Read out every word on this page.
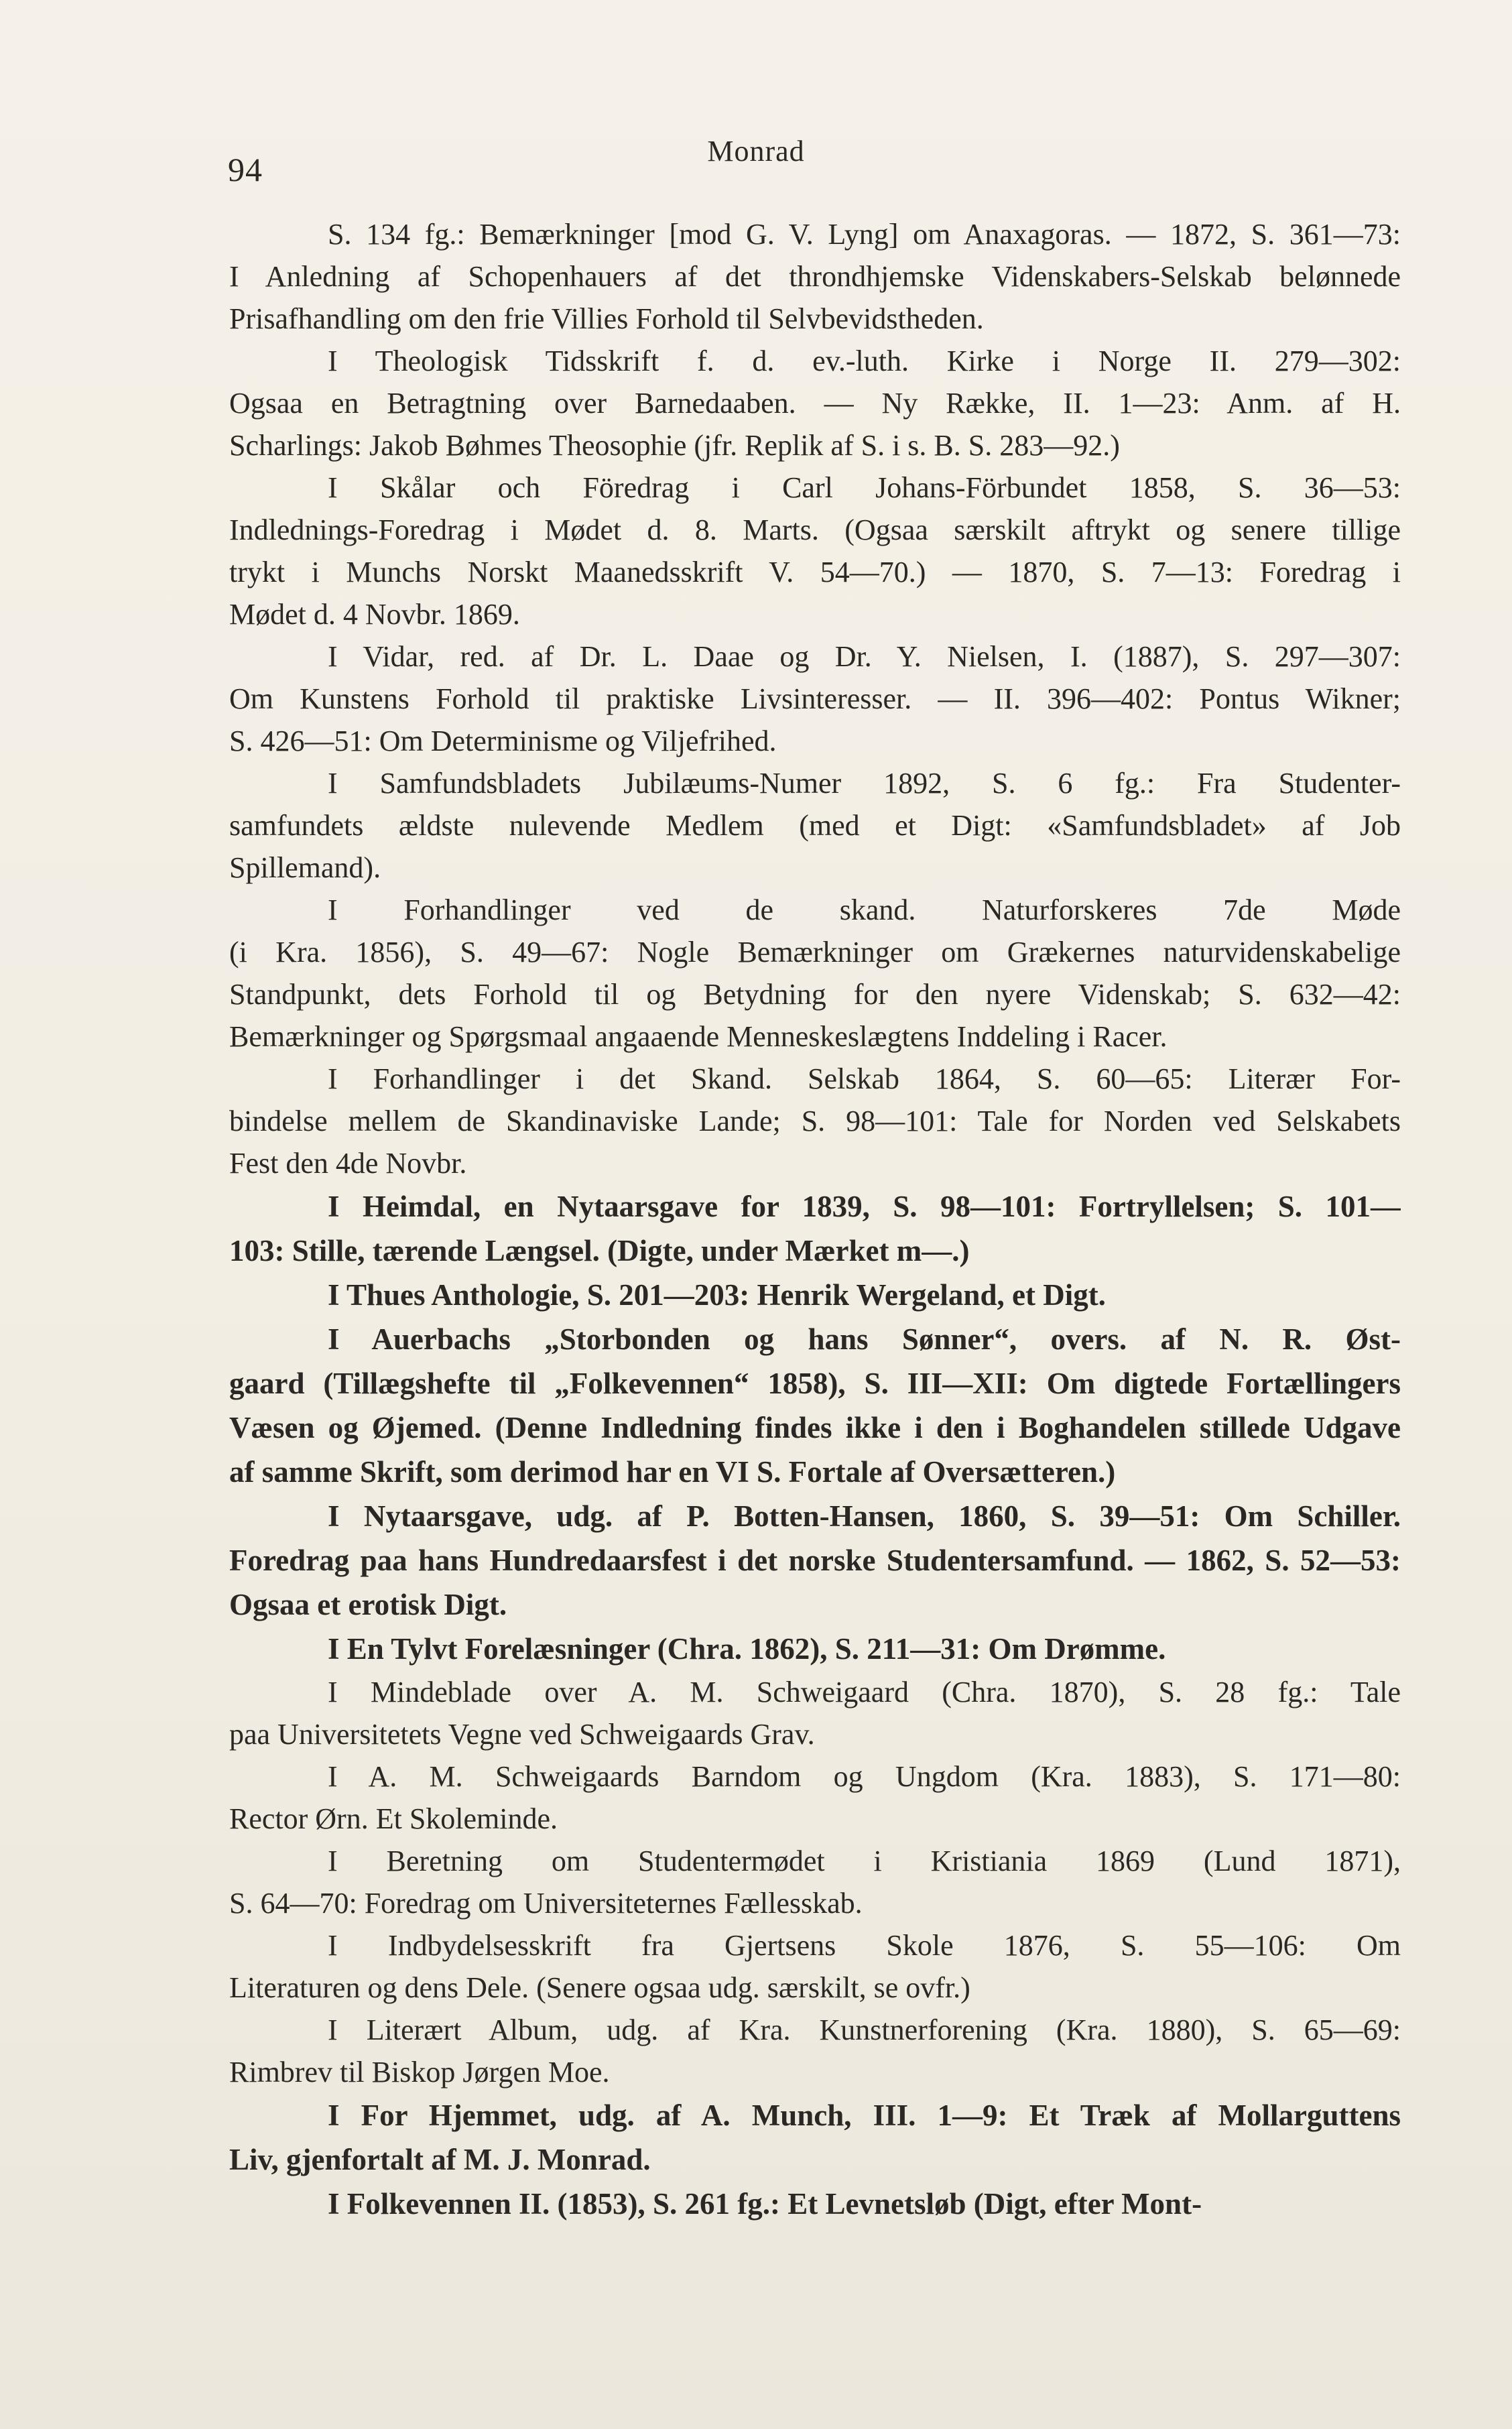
94	Monrad
S. 134 fg.: Bemærkninger [mod G. V. Lyng] om Anaxagoras. — 1872, S. 361—73:
I Anledning af Schopenhauers af det throndhjemske Videnskabers-Selskab belønnede
Prisafhandling om den frie Villies Forhold til Selvbevidstheden.
I Theologisk Tidsskrift f. d. ev.-luth. Kirke i Norge II. 279—302:
Ogsaa en Betragtning over Barnedaaben. — Ny Række, II. 1—23: Anm. af H.
Scharlings: Jakob Bøhmes Theosophie (jfr. Replik af S. i s. B. S. 283—92.)
I Skålar och Föredrag i Carl Johans-Förbundet 1858, S. 36—53:
Indlednings-Foredrag i Mødet d. 8. Marts. (Ogsaa særskilt aftrykt og senere tillige
trykt i Munchs Norskt Maanedsskrift V. 54—70.) — 1870, S. 7—13: Foredrag i
Mødet d. 4 Novbr. 1869.
I Vidar, red. af Dr. L. Daae og Dr. Y. Nielsen, I. (1887), S. 297—307:
Om Kunstens Forhold til praktiske Livsinteresser. — II. 396—402: Pontus Wikner;
S. 426—51: Om Determinisme og Viljefrihed.
I Samfundsbladets Jubilæums-Numer 1892, S. 6 fg.: Fra Studenter-
samfundets ældste nulevende Medlem (med et Digt: «Samfundsbladet» af Job
Spillemand).
I Forhandlinger ved de skand. Naturforskeres 7de Møde
(i Kra. 1856), S. 49—67: Nogle Bemærkninger om Grækernes naturvidenskabelige
Standpunkt, dets Forhold til og Betydning for den nyere Videnskab; S. 632—42:
Bemærkninger og Spørgsmaal angaaende Menneskeslægtens Inddeling i Racer.
I Forhandlinger i det Skand. Selskab 1864, S. 60—65: Literær For-
bindelse mellem de Skandinaviske Lande; S. 98—101: Tale for Norden ved Selskabets
Fest den 4de Novbr.
I Heimdal, en Nytaarsgave for 1839, S. 98—101: Fortryllelsen; S. 101—
103: Stille, tærende Længsel. (Digte, under Mærket m—.)
I Thues Anthologie, S. 201—203: Henrik Wergeland, et Digt.
I Auerbachs „Storbonden og hans Sønner“, overs. af N. R. Øst-
gaard (Tillægshefte til „Folkevennen“ 1858), S. III—XII: Om digtede Fortællingers
Væsen og Øjemed. (Denne Indledning findes ikke i den i Boghandelen stillede Udgave
af samme Skrift, som derimod har en VI S. Fortale af Oversætteren.)
I Nytaarsgave, udg. af P. Botten-Hansen, 1860, S. 39—51: Om Schiller.
Foredrag paa hans Hundredaarsfest i det norske Studentersamfund. — 1862, S. 52—53:
Ogsaa et erotisk Digt.
I En Tylvt Forelæsninger (Chra. 1862), S. 211—31: Om Drømme.
I Mindeblade over A. M. Schweigaard (Chra. 1870), S. 28 fg.: Tale
paa Universitetets Vegne ved Schweigaards Grav.
I A. M. Schweigaards Barndom og Ungdom (Kra. 1883), S. 171—80:
Rector Ørn. Et Skoleminde.
I Beretning om Studentermødet i Kristiania 1869 (Lund 1871),
S. 64—70: Foredrag om Universiteternes Fællesskab.
I Indbydelsesskrift fra Gjertsens Skole 1876, S. 55—106: Om
Literaturen og dens Dele. (Senere ogsaa udg. særskilt, se ovfr.)
I Literært Album, udg. af Kra. Kunstnerforening (Kra. 1880), S. 65—69:
Rimbrev til Biskop Jørgen Moe.
I For Hjemmet, udg. af A. Munch, III. 1—9: Et Træk af Mollarguttens
Liv, gjenfortalt af M. J. Monrad.
I Folkevennen II. (1853), S. 261 fg.: Et Levnetsløb (Digt, efter Mont-
